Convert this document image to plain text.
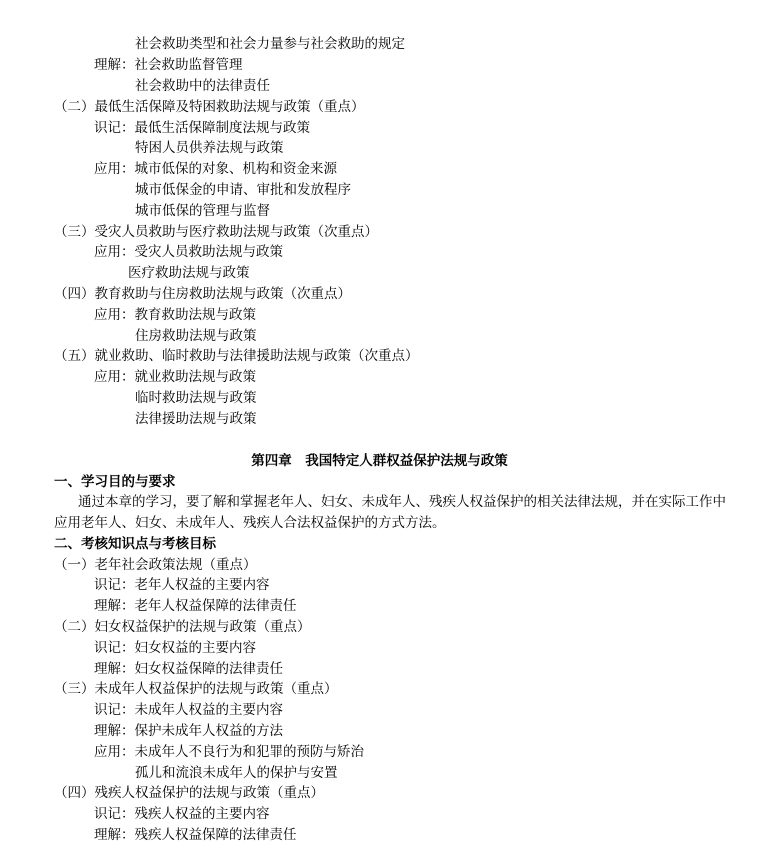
社会救助类型和社会力量参与社会救助的规定
理解：社会救助监督管理
社会救助中的法律责任
（二）最低生活保障及特困救助法规与政策（重点）
识记：最低生活保障制度法规与政策
特困人员供养法规与政策
应用：城市低保的对象、机构和资金来源
城市低保金的申请、审批和发放程序
城市低保的管理与监督
（三）受灾人员救助与医疗救助法规与政策（次重点）
应用：受灾人员救助法规与政策
医疗救助法规与政策
（四）教育救助与住房救助法规与政策（次重点）
应用：教育救助法规与政策
住房救助法规与政策
（五）就业救助、临时救助与法律援助法规与政策（次重点）
应用：就业救助法规与政策
临时救助法规与政策
法律援助法规与政策
第四章　我国特定人群权益保护法规与政策
一、学习目的与要求
通过本章的学习，要了解和掌握老年人、妇女、未成年人、残疾人权益保护的相关法律法规，并在实际工作中
应用老年人、妇女、未成年人、残疾人合法权益保护的方式方法。
二、考核知识点与考核目标
（一）老年社会政策法规（重点）
识记：老年人权益的主要内容
理解：老年人权益保障的法律责任
（二）妇女权益保护的法规与政策（重点）
识记：妇女权益的主要内容
理解：妇女权益保障的法律责任
（三）未成年人权益保护的法规与政策（重点）
识记：未成年人权益的主要内容
理解：保护未成年人权益的方法
应用：未成年人不良行为和犯罪的预防与矫治
孤儿和流浪未成年人的保护与安置
（四）残疾人权益保护的法规与政策（重点）
识记：残疾人权益的主要内容
理解：残疾人权益保障的法律责任
